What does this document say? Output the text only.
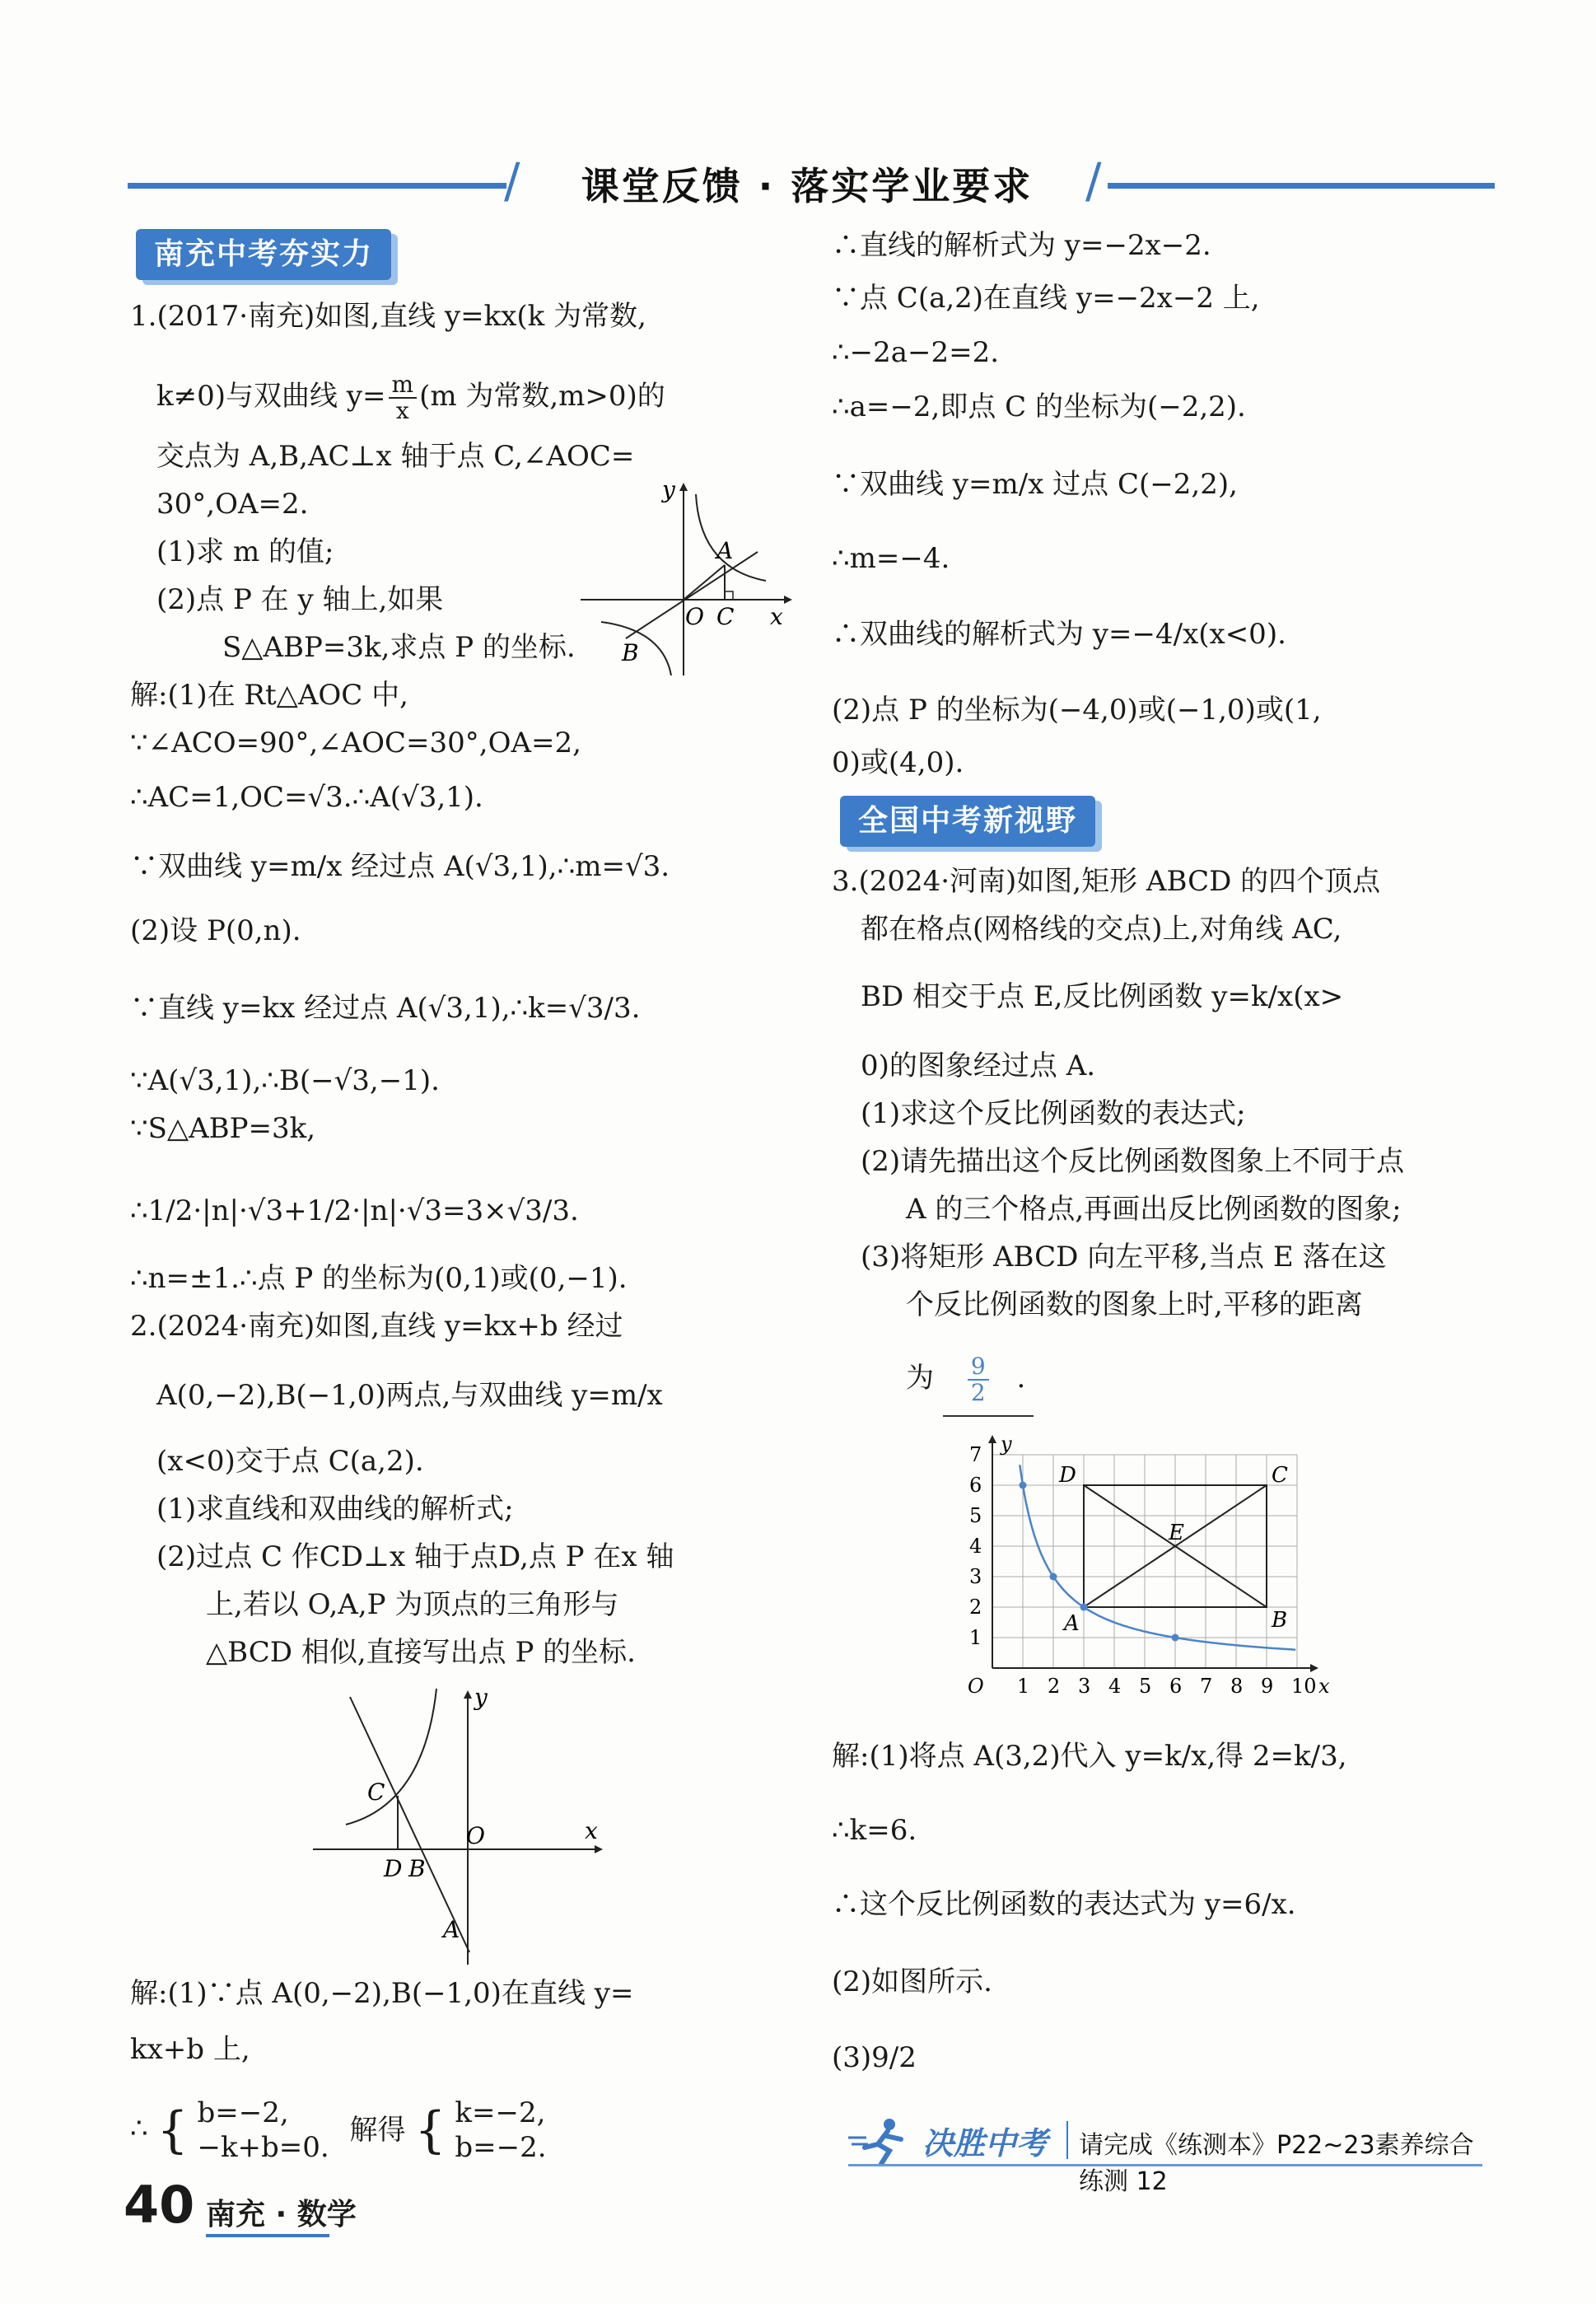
/	/
课堂反馈 · 落实学业要求
南充中考夯实力
1.(2017·南充)如图,直线 y=kx(k 为常数,
k≠0)与双曲线 $y= \frac{m}{x} (m$ 为常数,m>0)的
交点为 A,B,AC⊥x 轴于点 C,∠AOC=
30°,OA=2.
(1)求 m 的值;
(2)点 P 在 y 轴上,如果
S△ABP=3k,求点 P 的坐标.
y
A
O C x
B
解:(1)在 Rt△AOC 中,
∵∠ACO=90°,∠AOC=30°,OA=2,
∴AC=1,OC=√3.∴A(√3,1).
∵双曲线 y=m/x 经过点 A(√3,1),∴m=√3.
(2)设 P(0,n).
∵直线 y=kx 经过点 A(√3,1),∴k=√3/3.
∵A(√3,1),∴B(−√3,−1).
∵S△ABP=3k,
∴1/2·|n|·√3+1/2·|n|·√3=3×√3/3.
∴n=±1.∴点 P 的坐标为(0,1)或(0,−1).
2.(2024·南充)如图,直线 y=kx+b 经过
A(0,−2),B(−1,0)两点,与双曲线 y=m/x
(x<0)交于点 C(a,2).
(1)求直线和双曲线的解析式;
(2)过点 C 作CD⊥x 轴于点D,点 P 在x 轴
上,若以 O,A,P 为顶点的三角形与
△BCD 相似,直接写出点 P 的坐标.
y
C
O	x
D B
A
解:(1)∵点 A(0,−2),B(−1,0)在直线 y=
kx+b 上,
∴ { b=−2,
−k+b=0.
解得 { k=−2,
b=−2.
∴直线的解析式为 y=−2x−2.
∵点 C(a,2)在直线 y=−2x−2 上,
∴−2a−2=2.
∴a=−2,即点 C 的坐标为(−2,2).
∵双曲线 y=m/x 过点 C(−2,2),
∴m=−4.
∴双曲线的解析式为 y=−4/x(x<0).
(2)点 P 的坐标为(−4,0)或(−1,0)或(1,
0)或(4,0).
全国中考新视野
3.(2024·河南)如图,矩形 ABCD 的四个顶点
都在格点(网格线的交点)上,对角线 AC,
BD 相交于点 E,反比例函数 y=k/x(x>
0)的图象经过点 A.
(1)求这个反比例函数的表达式;
(2)请先描出这个反比例函数图象上不同于点
A 的三个格点,再画出反比例函数的图象;
(3)将矩形 ABCD 向左平移,当点 E 落在这
个反比例函数的图象上时,平移的距离
为 $\frac{9}{2}$ .
1 2 3 4 5 6 7 8 9 10
1
2
3
4
5
6
7
O	x
y
A	B
C
D
E
解:(1)将点 A(3,2)代入 y=k/x,得 2=k/3,
∴k=6.
∴这个反比例函数的表达式为 y=6/x.
(2)如图所示.
(3)9/2
决胜中考 请完成《练测本》P22~23素养综合练测 12
40 南充 · 数学
